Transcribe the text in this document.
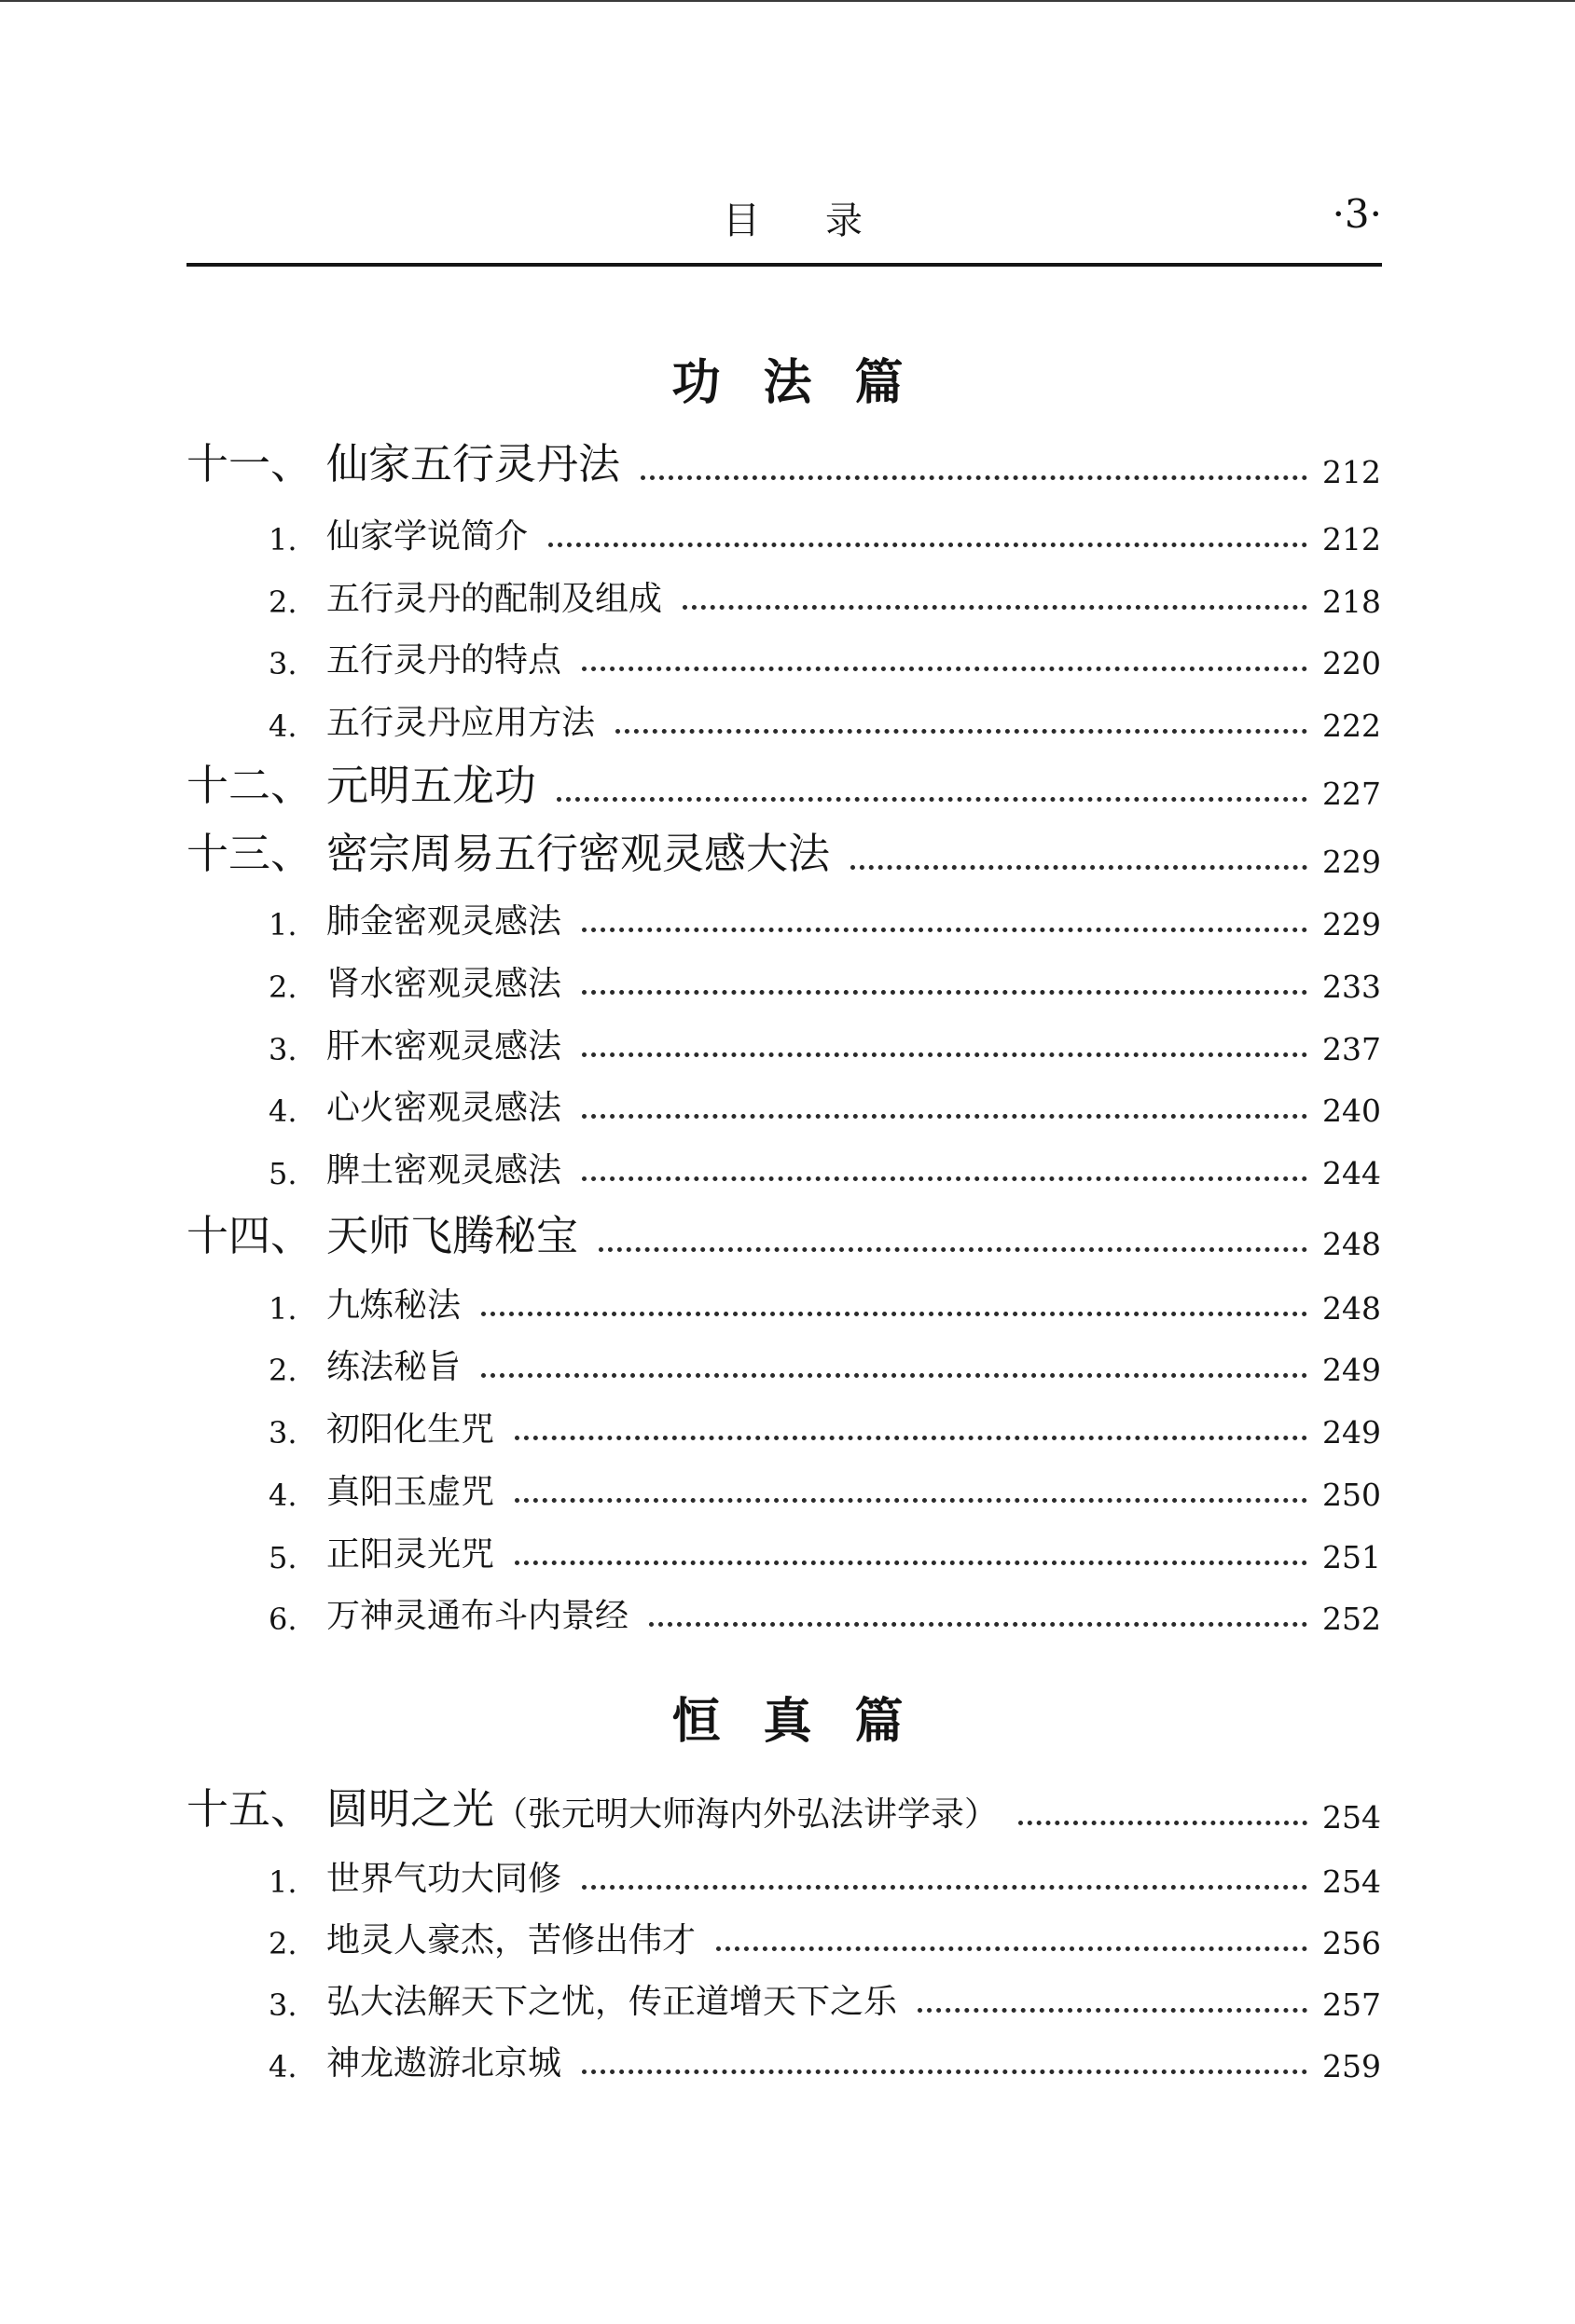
目录	·3·
功法篇
恒真篇
十一、 仙家五行灵丹法	212
1. 仙家学说简介	212
2. 五行灵丹的配制及组成	218
3. 五行灵丹的特点	220
4. 五行灵丹应用方法	222
十二、 元明五龙功	227
十三、 密宗周易五行密观灵感大法	229
1. 肺金密观灵感法	229
2. 肾水密观灵感法	233
3. 肝木密观灵感法	237
4. 心火密观灵感法	240
5. 脾土密观灵感法	244
十四、 天师飞腾秘宝	248
1. 九炼秘法	248
2. 练法秘旨	249
3. 初阳化生咒	249
4. 真阳玉虚咒	250
5. 正阳灵光咒	251
6. 万神灵通布斗内景经	252
十五、 圆明之光 （张元明大师海内外弘法讲学录）	254
1. 世界气功大同修	254
2. 地灵人豪杰，苦修出伟才	256
3. 弘大法解天下之忧，传正道增天下之乐	257
4. 神龙遨游北京城	259
